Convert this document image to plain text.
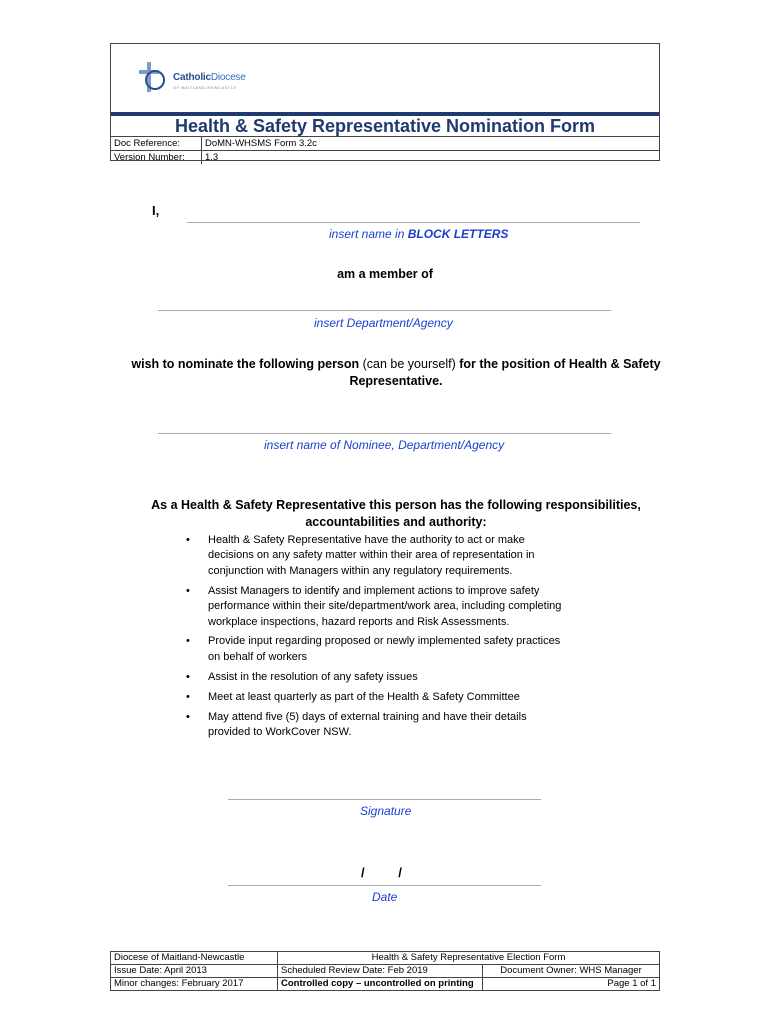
CatholicDiocese
OF MAITLAND-NEWCASTLE
Health & Safety Representative Nomination Form
Doc Reference:	DoMN-WHSMS Form 3.2c
Version Number:	1.3
I,
insert name in BLOCK LETTERS
am a member of
insert Department/Agency
wish to nominate the following person (can be yourself) for the position of Health & Safety Representative.
insert name of Nominee, Department/Agency
As a Health & Safety Representative this person has the following responsibilities, accountabilities and authority:
• Health & Safety Representative have the authority to act or make decisions on any safety matter within their area of representation in conjunction with Managers within any regulatory requirements.
• Assist Managers to identify and implement actions to improve safety performance within their site/department/work area, including completing workplace inspections, hazard reports and Risk Assessments.
• Provide input regarding proposed or newly implemented safety practices on behalf of workers
• Assist in the resolution of any safety issues
• Meet at least quarterly as part of the Health & Safety Committee
• May attend five (5) days of external training and have their details provided to WorkCover NSW.
Signature
/ /
Date
Diocese of Maitland-Newcastle	Health & Safety Representative Election Form	
Issue Date: April 2013	Scheduled Review Date: Feb 2019	Document Owner: WHS Manager
Minor changes: February 2017	Controlled copy – uncontrolled on printing	Page 1 of 1
